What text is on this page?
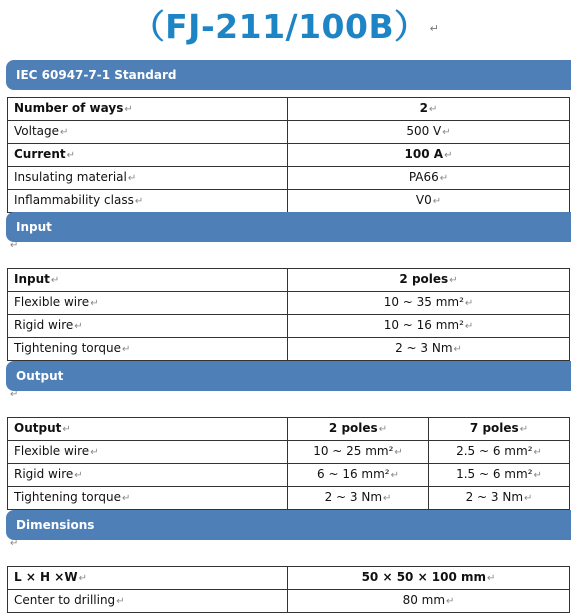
（FJ-211/100B） ↵
IEC 60947-7-1 Standard
Number of ways↵	2↵
Voltage↵	500 V↵
Current↵	100 A↵
Insulating material↵	PA66↵
Inflammability class↵	V0↵
Input
↵
Input↵	2 poles↵
Flexible wire↵	10 ~ 35 mm²↵
Rigid wire↵	10 ~ 16 mm²↵
Tightening torque↵	2 ~ 3 Nm↵
Output
↵
Output↵	2 poles↵	7 poles↵
Flexible wire↵	10 ~ 25 mm²↵	2.5 ~ 6 mm²↵
Rigid wire↵	6 ~ 16 mm²↵	1.5 ~ 6 mm²↵
Tightening torque↵	2 ~ 3 Nm↵	2 ~ 3 Nm↵
Dimensions
↵
L × H ×W↵	50 × 50 × 100 mm↵
Center to drilling↵	80 mm↵
